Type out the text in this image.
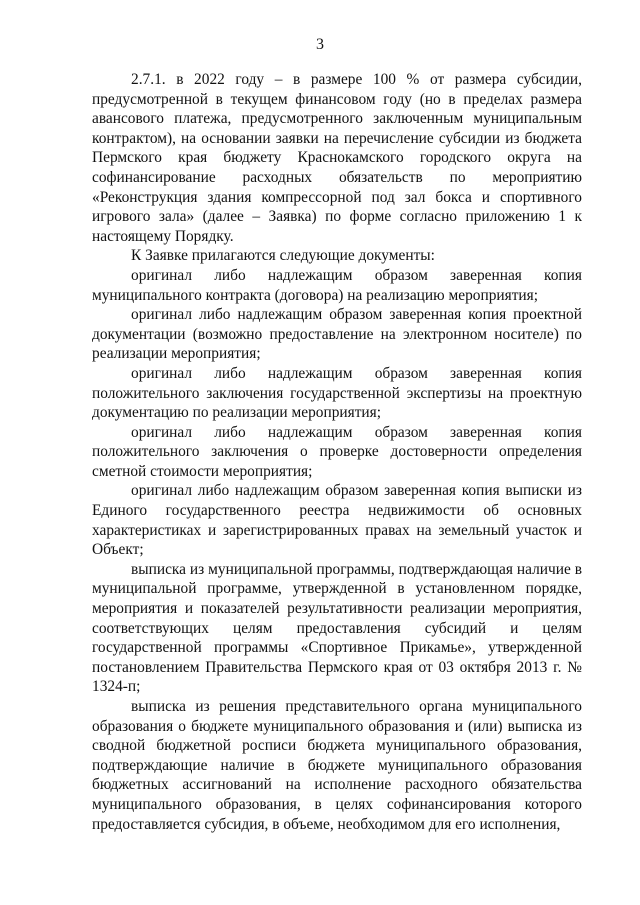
3

2.7.1. в 2022 году – в размере 100 % от размера субсидии, предусмотренной в текущем финансовом году (но в пределах размера авансового платежа, предусмотренного заключенным муниципальным контрактом), на основании заявки на перечисление субсидии из бюджета Пермского края бюджету Краснокамского городского округа на софинансирование расходных обязательств по мероприятию «Реконструкция здания компрессорной под зал бокса и спортивного игрового зала» (далее – Заявка) по форме согласно приложению 1 к настоящему Порядку.

К Заявке прилагаются следующие документы:

оригинал либо надлежащим образом заверенная копия муниципального контракта (договора) на реализацию мероприятия;

оригинал либо надлежащим образом заверенная копия проектной документации (возможно предоставление на электронном носителе) по реализации мероприятия;

оригинал либо надлежащим образом заверенная копия положительного заключения государственной экспертизы на проектную документацию по реализации мероприятия;

оригинал либо надлежащим образом заверенная копия положительного заключения о проверке достоверности определения сметной стоимости мероприятия;

оригинал либо надлежащим образом заверенная копия выписки из Единого государственного реестра недвижимости об основных характеристиках и зарегистрированных правах на земельный участок и Объект;

выписка из муниципальной программы, подтверждающая наличие в муниципальной программе, утвержденной в установленном порядке, мероприятия и показателей результативности реализации мероприятия, соответствующих целям предоставления субсидий и целям государственной программы «Спортивное Прикамье», утвержденной постановлением Правительства Пермского края от 03 октября 2013 г. № 1324-п;

выписка из решения представительного органа муниципального образования о бюджете муниципального образования и (или) выписка из сводной бюджетной росписи бюджета муниципального образования, подтверждающие наличие в бюджете муниципального образования бюджетных ассигнований на исполнение расходного обязательства муниципального образования, в целях софинансирования которого предоставляется субсидия, в объеме, необходимом для его исполнения,
